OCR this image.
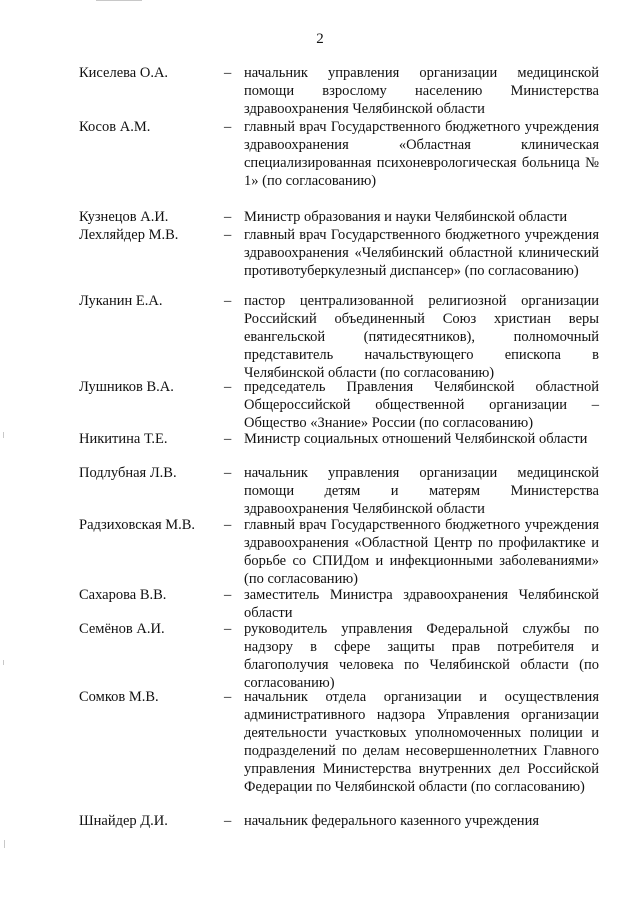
2
Киселева О.А.	– начальник управления организации медицинской помощи взрослому населению Министерства здравоохранения Челябинской области
Косов А.М.	– главный врач Государственного бюджетного учреждения здравоохранения «Областная клиническая специализированная психоневрологическая больница № 1» (по согласованию)
Кузнецов А.И.	– Министр образования и науки Челябинской области
Лехляйдер М.В.	– главный врач Государственного бюджетного учреждения здравоохранения «Челябинский областной клинический противотуберкулезный диспансер» (по согласованию)
Луканин Е.А.	– пастор централизованной религиозной организации Российский объединенный Союз христиан веры евангельской (пятидесятников), полномочный представитель начальствующего епископа в Челябинской области (по согласованию)
Лушников В.А.	– председатель Правления Челябинской областной Общероссийской общественной организации – Общество «Знание» России (по согласованию)
Никитина Т.Е.	– Министр социальных отношений Челябинской области
Подлубная Л.В.	– начальник управления организации медицинской помощи детям и матерям Министерства здравоохранения Челябинской области
Радзиховская М.В.	– главный врач Государственного бюджетного учреждения здравоохранения «Областной Центр по профилактике и борьбе со СПИДом и инфекционными заболеваниями» (по согласованию)
Сахарова В.В.	– заместитель Министра здравоохранения Челябинской области
Семёнов А.И.	– руководитель управления Федеральной службы по надзору в сфере защиты прав потребителя и благополучия человека по Челябинской области (по согласованию)
Сомков М.В.	– начальник отдела организации и осуществления административного надзора Управления организации деятельности участковых уполномоченных полиции и подразделений по делам несовершеннолетних Главного управления Министерства внутренних дел Российской Федерации по Челябинской области (по согласованию)
Шнайдер Д.И.	– начальник федерального казенного учреждения
